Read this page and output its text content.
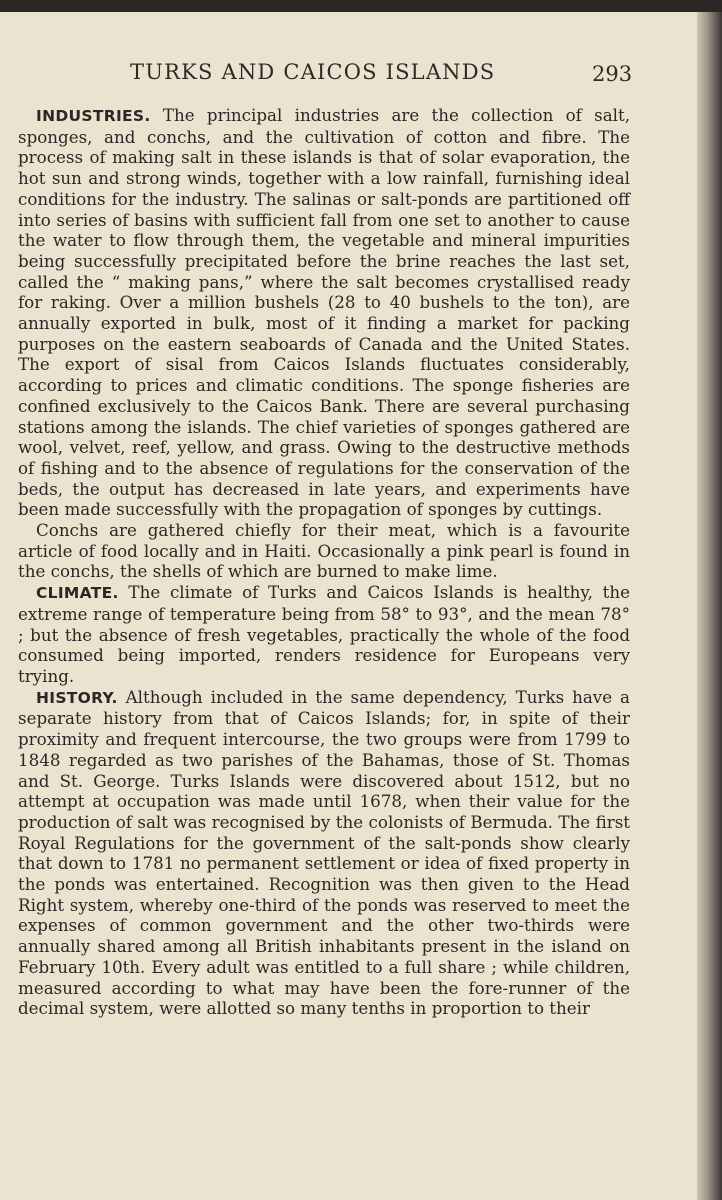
TURKS AND CAICOS ISLANDS	293

INDUSTRIES. The principal industries are the collection of salt, sponges, and conchs, and the cultivation of cotton and fibre. The process of making salt in these islands is that of solar evaporation, the hot sun and strong winds, together with a low rainfall, furnishing ideal conditions for the industry. The salinas or salt-ponds are partitioned off into series of basins with sufficient fall from one set to another to cause the water to flow through them, the vegetable and mineral impurities being successfully precipitated before the brine reaches the last set, called the “ making pans,” where the salt becomes crystallised ready for raking. Over a million bushels (28 to 40 bushels to the ton), are annually exported in bulk, most of it finding a market for packing purposes on the eastern seaboards of Canada and the United States. The export of sisal from Caicos Islands fluctuates considerably, according to prices and climatic conditions. The sponge fisheries are confined exclusively to the Caicos Bank. There are several purchasing stations among the islands. The chief varieties of sponges gathered are wool, velvet, reef, yellow, and grass. Owing to the destructive methods of fishing and to the absence of regulations for the conservation of the beds, the output has decreased in late years, and experiments have been made successfully with the propagation of sponges by cuttings.

Conchs are gathered chiefly for their meat, which is a favourite article of food locally and in Haiti. Occasionally a pink pearl is found in the conchs, the shells of which are burned to make lime.

CLIMATE. The climate of Turks and Caicos Islands is healthy, the extreme range of temperature being from 58° to 93°, and the mean 78° ; but the absence of fresh vegetables, practically the whole of the food consumed being imported, renders residence for Europeans very trying.

HISTORY. Although included in the same dependency, Turks have a separate history from that of Caicos Islands; for, in spite of their proximity and frequent intercourse, the two groups were from 1799 to 1848 regarded as two parishes of the Bahamas, those of St. Thomas and St. George. Turks Islands were discovered about 1512, but no attempt at occupation was made until 1678, when their value for the production of salt was recognised by the colonists of Bermuda. The first Royal Regulations for the government of the salt-ponds show clearly that down to 1781 no permanent settlement or idea of fixed property in the ponds was entertained. Recognition was then given to the Head Right system, whereby one-third of the ponds was reserved to meet the expenses of common government and the other two-thirds were annually shared among all British inhabitants present in the island on February 10th. Every adult was entitled to a full share ; while children, measured according to what may have been the fore-runner of the decimal system, were allotted so many tenths in proportion to their
